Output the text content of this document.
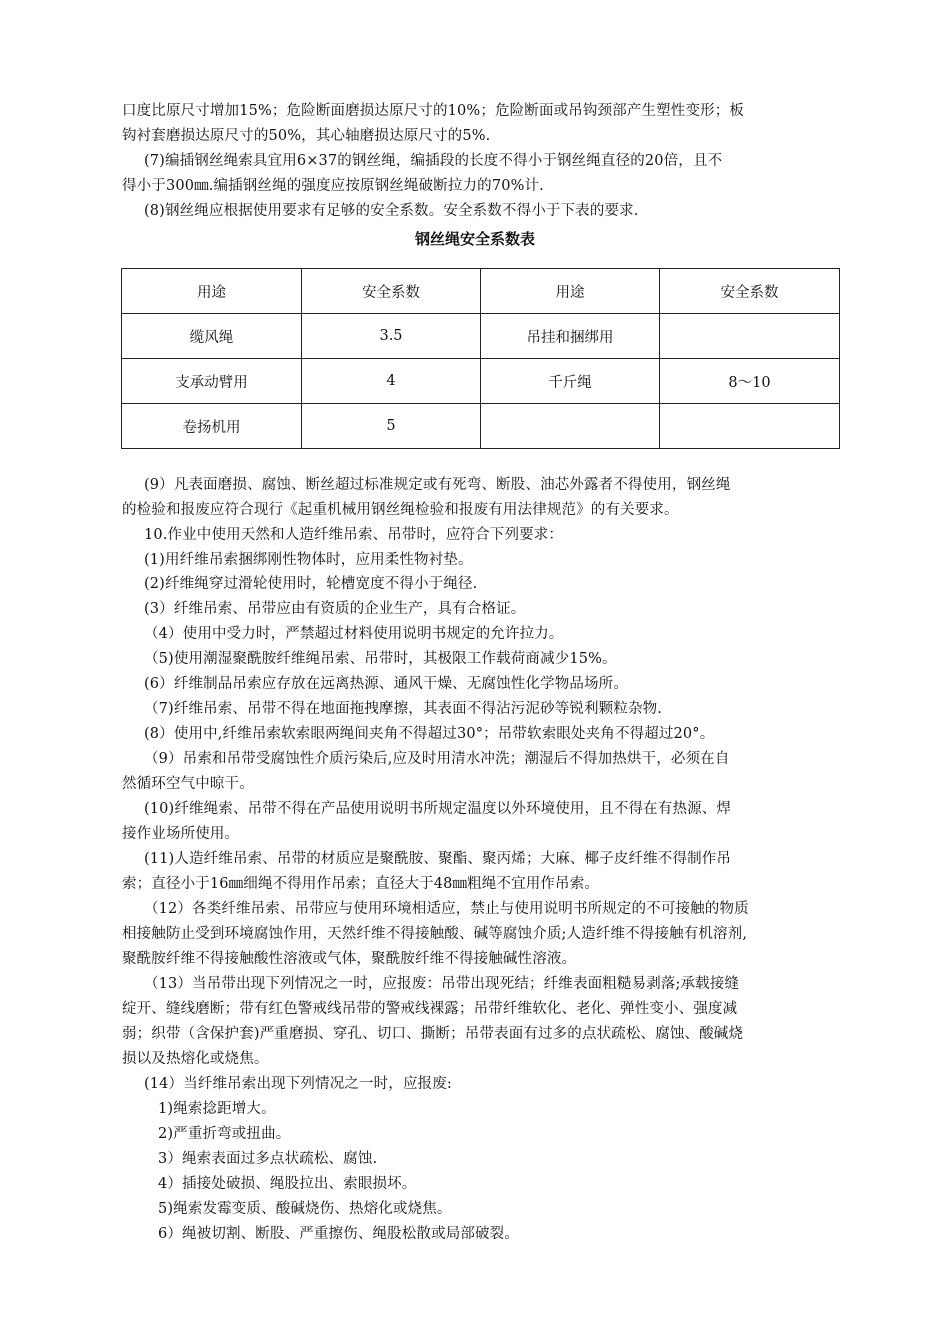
口度比原尺寸增加15%；危险断面磨损达原尺寸的10%；危险断面或吊钩颈部产生塑性变形；板

钩衬套磨损达原尺寸的50%，其心轴磨损达原尺寸的5%.

(7)编插钢丝绳索具宜用6×37的钢丝绳，编插段的长度不得小于钢丝绳直径的20倍，且不

得小于300㎜.编插钢丝绳的强度应按原钢丝绳破断拉力的70%计.

(8)钢丝绳应根据使用要求有足够的安全系数。安全系数不得小于下表的要求.

钢丝绳安全系数表

用途	安全系数	用途	安全系数
缆风绳	3.5	吊挂和捆绑用	
支承动臂用	4	千斤绳	8～10
卷扬机用	5		

(9）凡表面磨损、腐蚀、断丝超过标准规定或有死弯、断股、油芯外露者不得使用，钢丝绳

的检验和报废应符合现行《起重机械用钢丝绳检验和报废有用法律规范》的有关要求。

10.作业中使用天然和人造纤维吊索、吊带时，应符合下列要求：

(1)用纤维吊索捆绑刚性物体时，应用柔性物衬垫。

(2)纤维绳穿过滑轮使用时，轮槽宽度不得小于绳径.

(3）纤维吊索、吊带应由有资质的企业生产，具有合格证。

（4）使用中受力时，严禁超过材料使用说明书规定的允许拉力。

（5)使用潮湿聚酰胺纤维绳吊索、吊带时，其极限工作载荷商减少15%。

(6）纤维制品吊索应存放在远离热源、通风干燥、无腐蚀性化学物品场所。

（7)纤维吊索、吊带不得在地面拖拽摩擦，其表面不得沾污泥砂等锐利颗粒杂物.

(8）使用中,纤维吊索软索眼两绳间夹角不得超过30°；吊带软索眼处夹角不得超过20°。

（9）吊索和吊带受腐蚀性介质污染后,应及时用清水冲洗；潮湿后不得加热烘干，必须在自

然循环空气中晾干。

(10)纤维绳索、吊带不得在产品使用说明书所规定温度以外环境使用，且不得在有热源、焊

接作业场所使用。

(11)人造纤维吊索、吊带的材质应是聚酰胺、聚酯、聚丙烯；大麻、椰子皮纤维不得制作吊

索；直径小于16㎜细绳不得用作吊索；直径大于48㎜粗绳不宜用作吊索。

（12）各类纤维吊索、吊带应与使用环境相适应，禁止与使用说明书所规定的不可接触的物质

相接触防止受到环境腐蚀作用，天然纤维不得接触酸、碱等腐蚀介质;人造纤维不得接触有机溶剂,

聚酰胺纤维不得接触酸性溶液或气体，聚酰胺纤维不得接触碱性溶液。

（13）当吊带出现下列情况之一时，应报废：吊带出现死结；纤维表面粗糙易剥落;承载接缝

绽开、缝线磨断；带有红色警戒线吊带的警戒线裸露；吊带纤维软化、老化、弹性变小、强度减

弱；织带（含保护套)严重磨损、穿孔、切口、撕断；吊带表面有过多的点状疏松、腐蚀、酸碱烧

损以及热熔化或烧焦。

(14）当纤维吊索出现下列情况之一时，应报废:

1)绳索捻距增大。

2)严重折弯或扭曲。

3）绳索表面过多点状疏松、腐蚀.

4）插接处破损、绳股拉出、索眼损坏。

5)绳索发霉变质、酸碱烧伤、热熔化或烧焦。

6）绳被切割、断股、严重擦伤、绳股松散或局部破裂。
